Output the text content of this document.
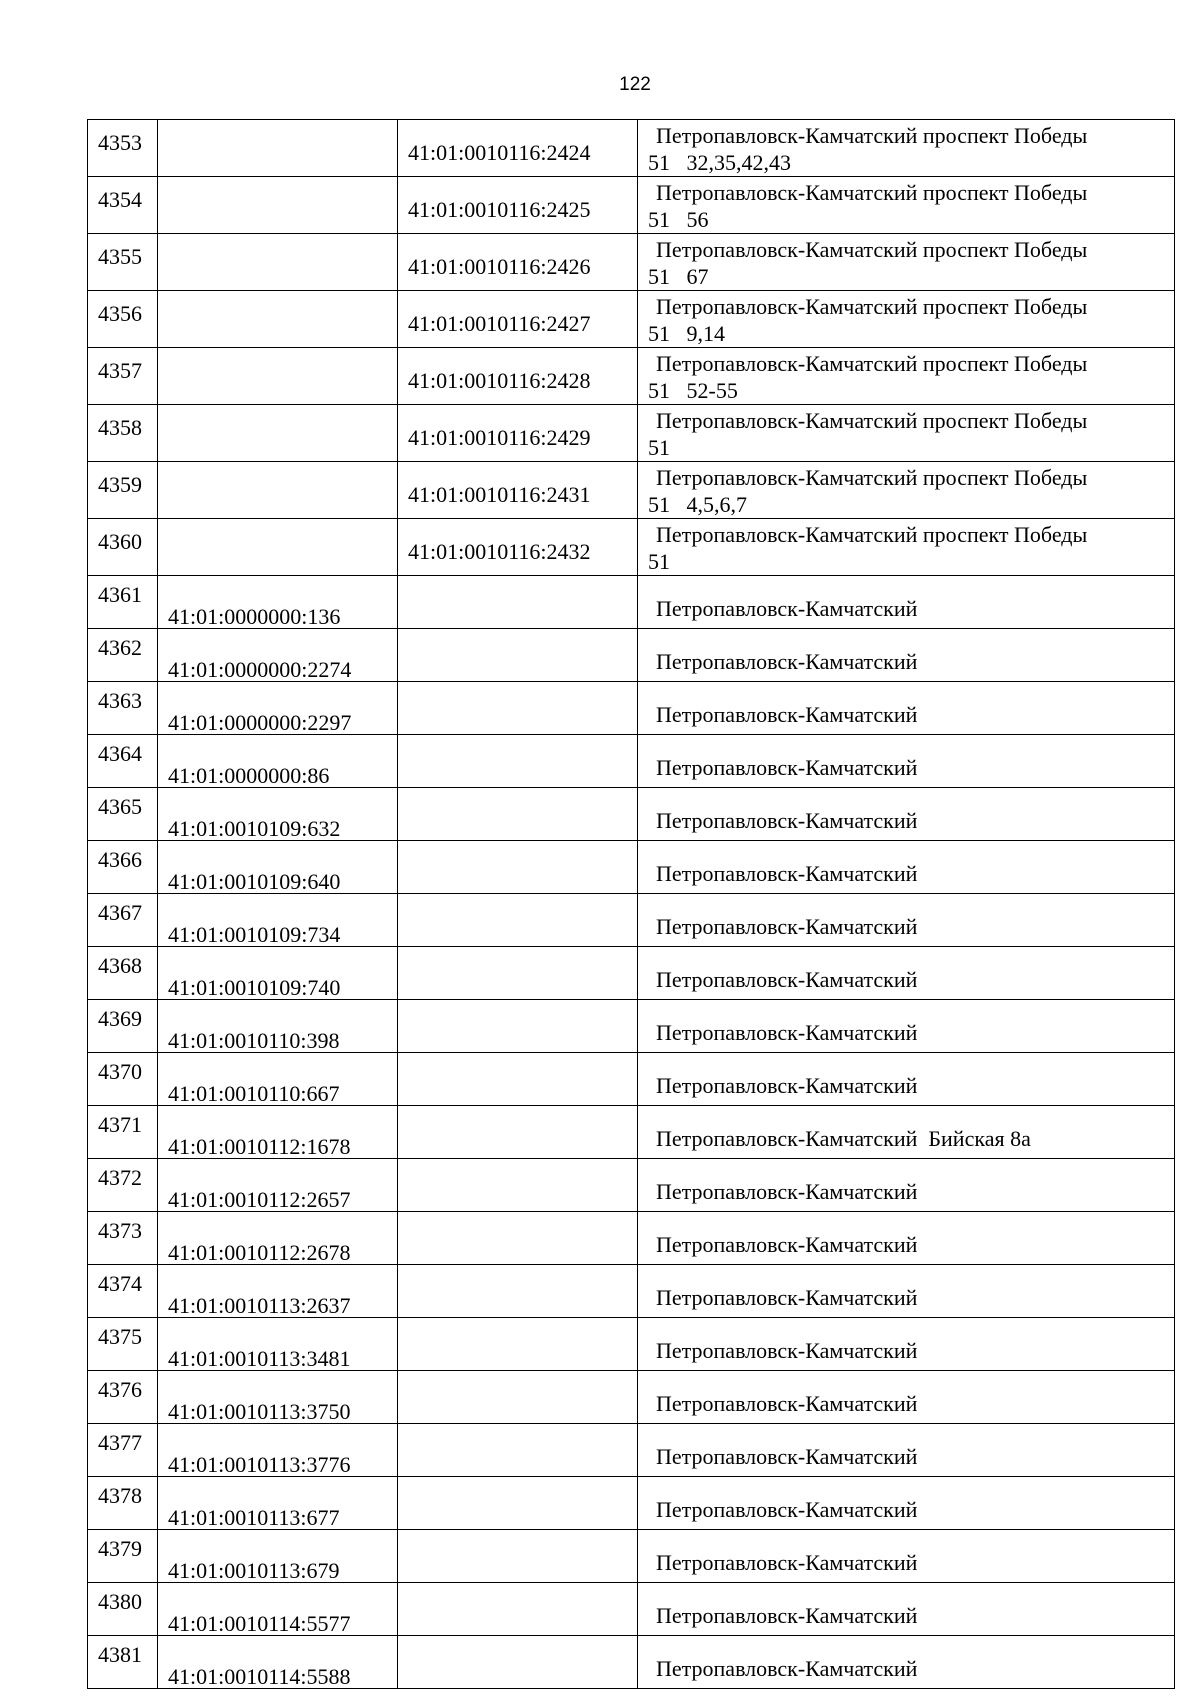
122
4353		41:01:0010116:2424	Петропавловск-Камчатский проспект Победы
51   32,35,42,43

4354		41:01:0010116:2425	Петропавловск-Камчатский проспект Победы
51   56

4355		41:01:0010116:2426	Петропавловск-Камчатский проспект Победы
51   67

4356		41:01:0010116:2427	Петропавловск-Камчатский проспект Победы
51   9,14

4357		41:01:0010116:2428	Петропавловск-Камчатский проспект Победы
51   52-55

4358		41:01:0010116:2429	Петропавловск-Камчатский проспект Победы
51

4359		41:01:0010116:2431	Петропавловск-Камчатский проспект Победы
51   4,5,6,7

4360		41:01:0010116:2432	Петропавловск-Камчатский проспект Победы
51

4361	41:01:0000000:136		Петропавловск-Камчатский

4362	41:01:0000000:2274		Петропавловск-Камчатский

4363	41:01:0000000:2297		Петропавловск-Камчатский

4364	41:01:0000000:86		Петропавловск-Камчатский

4365	41:01:0010109:632		Петропавловск-Камчатский

4366	41:01:0010109:640		Петропавловск-Камчатский

4367	41:01:0010109:734		Петропавловск-Камчатский

4368	41:01:0010109:740		Петропавловск-Камчатский

4369	41:01:0010110:398		Петропавловск-Камчатский

4370	41:01:0010110:667		Петропавловск-Камчатский

4371	41:01:0010112:1678		Петропавловск-Камчатский  Бийская 8а

4372	41:01:0010112:2657		Петропавловск-Камчатский

4373	41:01:0010112:2678		Петропавловск-Камчатский

4374	41:01:0010113:2637		Петропавловск-Камчатский

4375	41:01:0010113:3481		Петропавловск-Камчатский

4376	41:01:0010113:3750		Петропавловск-Камчатский

4377	41:01:0010113:3776		Петропавловск-Камчатский

4378	41:01:0010113:677		Петропавловск-Камчатский

4379	41:01:0010113:679		Петропавловск-Камчатский

4380	41:01:0010114:5577		Петропавловск-Камчатский

4381	41:01:0010114:5588		Петропавловск-Камчатский
